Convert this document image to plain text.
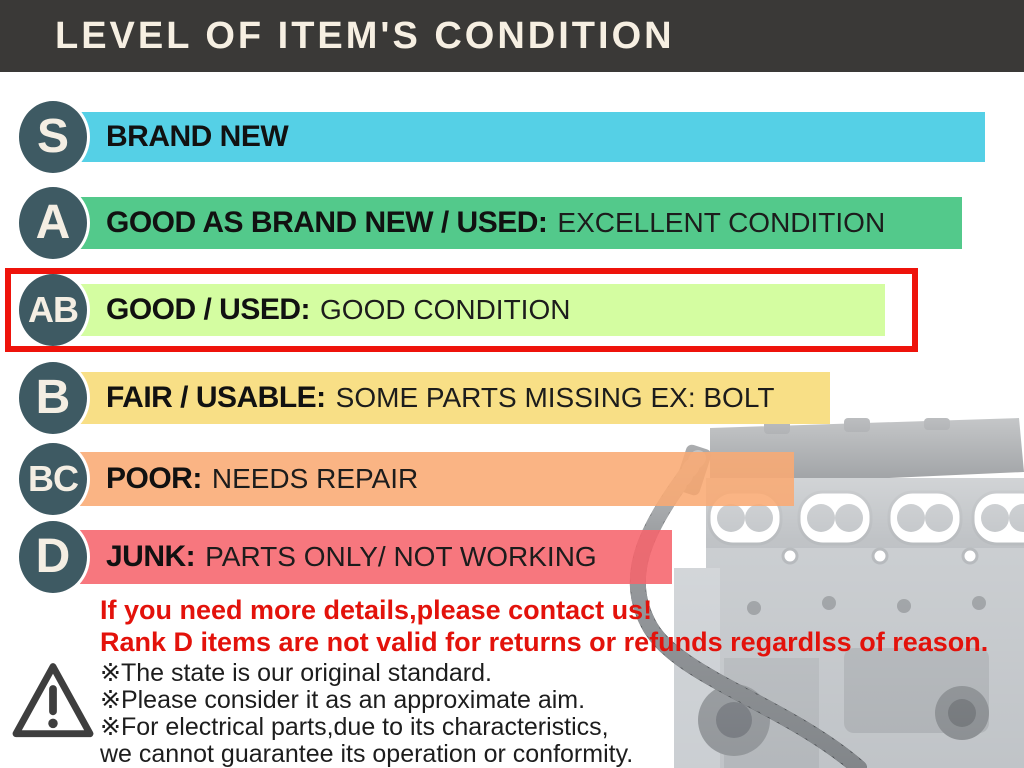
LEVEL OF ITEM'S CONDITION
BRAND NEW
S
GOOD AS BRAND NEW / USED: EXCELLENT CONDITION
A
GOOD / USED: GOOD CONDITION
AB
FAIR / USABLE: SOME PARTS MISSING EX: BOLT
B
POOR: NEEDS REPAIR
BC
JUNK: PARTS ONLY/ NOT WORKING
D
If you need more details,please contact us!
Rank D items are not valid for returns or refunds regardlss of reason.
※The state is our original standard.
※Please consider it as an approximate aim.
※For electrical parts,due to its characteristics,
we cannot guarantee its operation or conformity.
